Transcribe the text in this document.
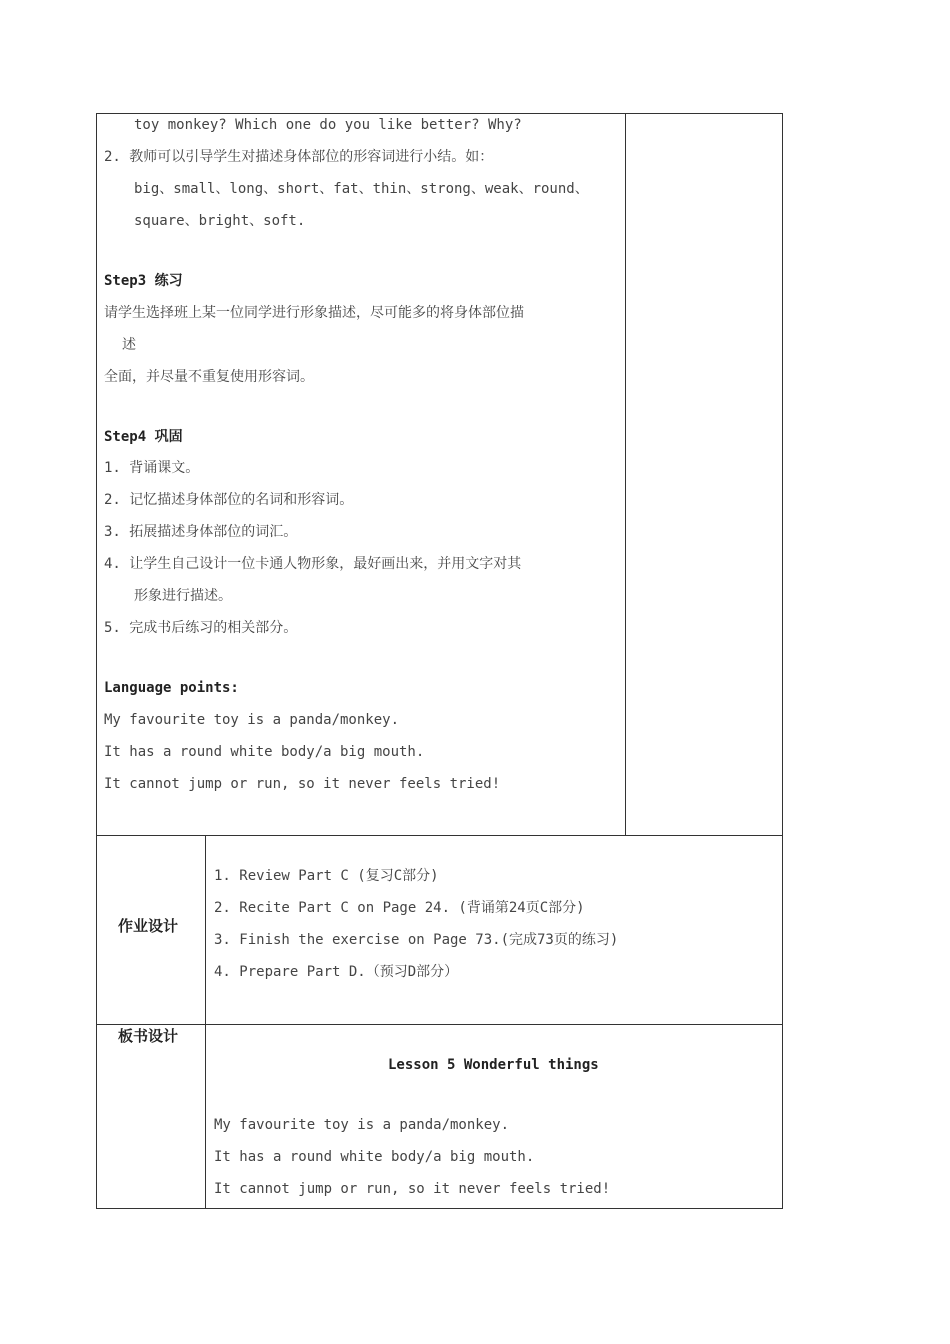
toy monkey? Which one do you like better? Why?
2. 教师可以引导学生对描述身体部位的形容词进行小结。如：
big、small、long、short、fat、thin、strong、weak、round、
square、bright、soft.
Step3 练习
请学生选择班上某一位同学进行形象描述，尽可能多的将身体部位描
述
全面，并尽量不重复使用形容词。
Step4 巩固
1. 背诵课文。
2. 记忆描述身体部位的名词和形容词。
3. 拓展描述身体部位的词汇。
4. 让学生自己设计一位卡通人物形象，最好画出来，并用文字对其
形象进行描述。
5. 完成书后练习的相关部分。
Language points:
My favourite toy is a panda/monkey.
It has a round white body/a big mouth.
It cannot jump or run, so it never feels tried!
作业设计
1. Review Part C (复习C部分)
2. Recite Part C on Page 24. (背诵第24页C部分)
3. Finish the exercise on Page 73.(完成73页的练习)
4. Prepare Part D.（预习D部分）
板书设计
Lesson 5 Wonderful things
My favourite toy is a panda/monkey.
It has a round white body/a big mouth.
It cannot jump or run, so it never feels tried!
